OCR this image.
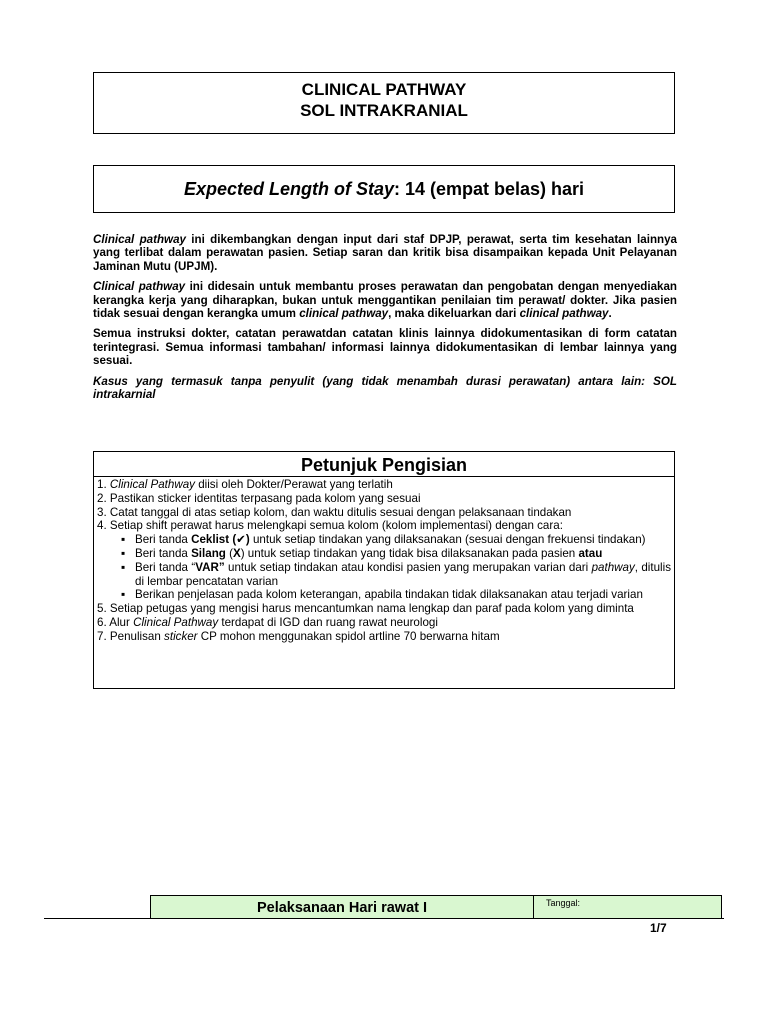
CLINICAL PATHWAY
SOL INTRAKRANIAL
Expected Length of Stay: 14 (empat belas) hari

Clinical pathway ini dikembangkan dengan input dari staf DPJP, perawat, serta tim kesehatan lainnya yang terlibat dalam perawatan pasien. Setiap saran dan kritik bisa disampaikan kepada Unit Pelayanan Jaminan Mutu (UPJM).

Clinical pathway ini didesain untuk membantu proses perawatan dan pengobatan dengan menyediakan kerangka kerja yang diharapkan, bukan untuk menggantikan penilaian tim perawat/ dokter. Jika pasien tidak sesuai dengan kerangka umum clinical pathway, maka dikeluarkan dari clinical pathway.

Semua instruksi dokter, catatan perawatdan catatan klinis lainnya didokumentasikan di form catatan terintegrasi. Semua informasi tambahan/ informasi lainnya didokumentasikan di lembar lainnya yang sesuai.

Kasus yang termasuk tanpa penyulit (yang tidak menambah durasi perawatan) antara lain: SOL intrakarnial

Petunjuk Pengisian
1. Clinical Pathway diisi oleh Dokter/Perawat yang terlatih
2. Pastikan sticker identitas terpasang pada kolom yang sesuai
3. Catat tanggal di atas setiap kolom, dan waktu ditulis sesuai dengan pelaksanaan tindakan
4. Setiap shift perawat harus melengkapi semua kolom (kolom implementasi) dengan cara:
▪ Beri tanda Ceklist (✔) untuk setiap tindakan yang dilaksanakan (sesuai dengan frekuensi tindakan)
▪ Beri tanda Silang (X) untuk setiap tindakan yang tidak bisa dilaksanakan pada pasien atau
▪ Beri tanda “VAR” untuk setiap tindakan atau kondisi pasien yang merupakan varian dari pathway, ditulis di lembar pencatatan varian
▪ Berikan penjelasan pada kolom keterangan, apabila tindakan tidak dilaksanakan atau terjadi varian
5. Setiap petugas yang mengisi harus mencantumkan nama lengkap dan paraf pada kolom yang diminta
6. Alur Clinical Pathway terdapat di IGD dan ruang rawat neurologi
7. Penulisan sticker CP mohon menggunakan spidol artline 70 berwarna hitam
Pelaksanaan Hari rawat I	Tanggal:
1/7
